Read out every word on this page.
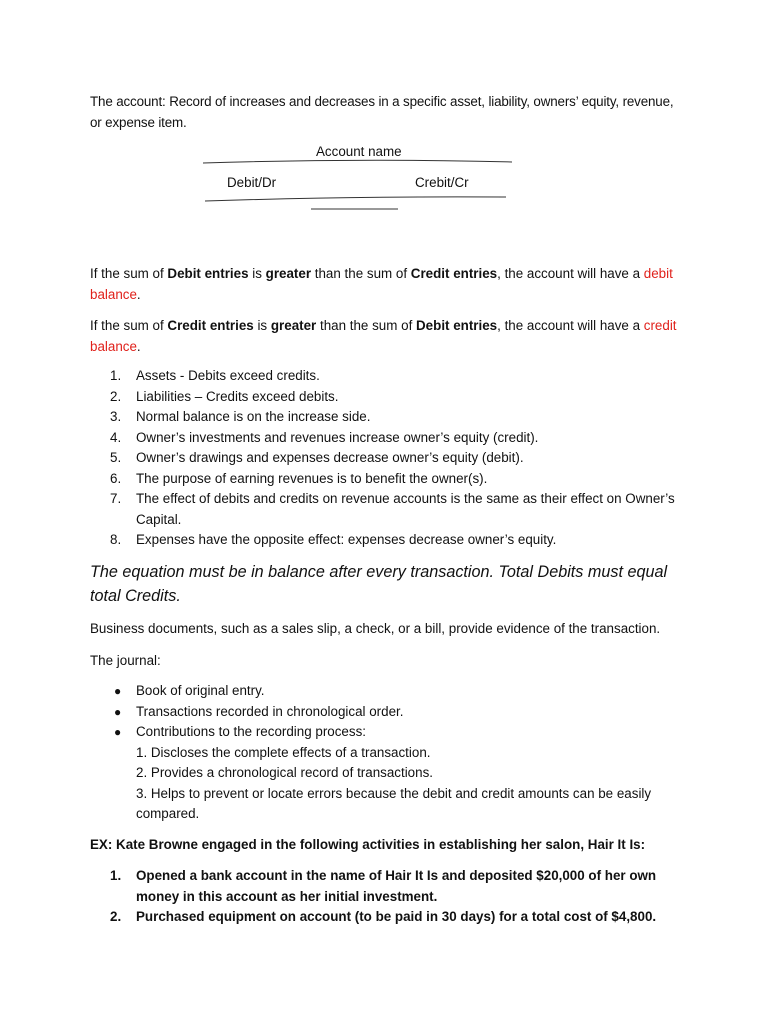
The account: Record of increases and decreases in a specific asset, liability, owners’ equity, revenue, or expense item.

Account name
Debit/Dr	Crebit/Cr

If the sum of Debit entries is greater than the sum of Credit entries, the account will have a debit balance.

If the sum of Credit entries is greater than the sum of Debit entries, the account will have a credit balance.

1. Assets - Debits exceed credits.
2. Liabilities – Credits exceed debits.
3. Normal balance is on the increase side.
4. Owner’s investments and revenues increase owner’s equity (credit).
5. Owner’s drawings and expenses decrease owner’s equity (debit).
6. The purpose of earning revenues is to benefit the owner(s).
7. The effect of debits and credits on revenue accounts is the same as their effect on Owner’s Capital.
8. Expenses have the opposite effect: expenses decrease owner’s equity.
The equation must be in balance after every transaction. Total Debits must equal total Credits.
Business documents, such as a sales slip, a check, or a bill, provide evidence of the transaction.
The journal:
● Book of original entry.
● Transactions recorded in chronological order.
● Contributions to the recording process:
1. Discloses the complete effects of a transaction.
2. Provides a chronological record of transactions.
3. Helps to prevent or locate errors because the debit and credit amounts can be easily compared.
EX: Kate Browne engaged in the following activities in establishing her salon, Hair It Is:
1. Opened a bank account in the name of Hair It Is and deposited $20,000 of her own money in this account as her initial investment.
2. Purchased equipment on account (to be paid in 30 days) for a total cost of $4,800.
